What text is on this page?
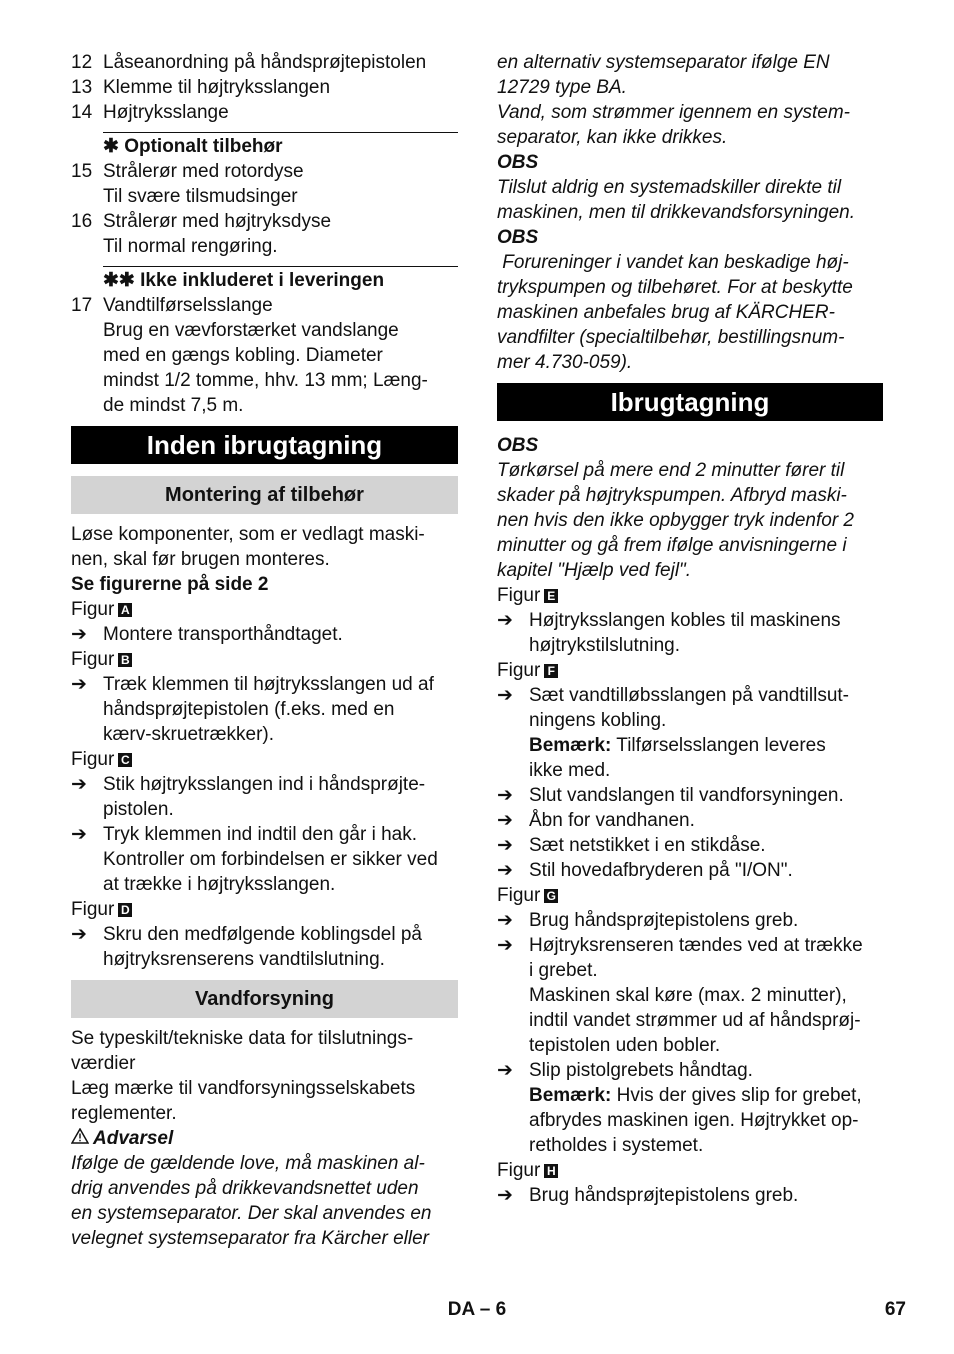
12 Låseanordning på håndsprøjtepistolen
13 Klemme til højtryksslangen
14 Højtryksslange
✱ Optionalt tilbehør
15 Strålerør med rotordyse
Til svære tilsmudsinger
16 Strålerør med højtryksdyse
Til normal rengøring.
✱✱ Ikke inkluderet i leveringen
17 Vandtilførselsslange
Brug en vævforstærket vandslange
med en gængs kobling. Diameter
mindst 1/2 tomme, hhv. 13 mm; Læng-
de mindst 7,5 m.
Inden ibrugtagning
Montering af tilbehør
Løse komponenter, som er vedlagt maski-
nen, skal før brugen monteres.
Se figurerne på side 2
Figur A
➔ Montere transporthåndtaget.
Figur B
➔ Træk klemmen til højtryksslangen ud af
håndsprøjtepistolen (f.eks. med en
kærv-skruetrækker).
Figur C
➔ Stik højtryksslangen ind i håndsprøjte-
pistolen.
➔ Tryk klemmen ind indtil den går i hak.
Kontroller om forbindelsen er sikker ved
at trække i højtryksslangen.
Figur D
➔ Skru den medfølgende koblingsdel på
højtryksrenserens vandtilslutning.
Vandforsyning
Se typeskilt/tekniske data for tilslutnings-
værdier
Læg mærke til vandforsyningsselskabets
reglementer.
Advarsel
Ifølge de gældende love, må maskinen al-
drig anvendes på drikkevandsnettet uden
en systemseparator. Der skal anvendes en
velegnet systemseparator fra Kärcher eller
en alternativ systemseparator ifølge EN
12729 type BA.
Vand, som strømmer igennem en system-
separator, kan ikke drikkes.
OBS
Tilslut aldrig en systemadskiller direkte til
maskinen, men til drikkevandsforsyningen.
OBS
Forureninger i vandet kan beskadige høj-
trykspumpen og tilbehøret. For at beskytte
maskinen anbefales brug af KÄRCHER-
vandfilter (specialtilbehør, bestillingsnum-
mer 4.730-059).
Ibrugtagning
OBS
Tørkørsel på mere end 2 minutter fører til
skader på højtrykspumpen. Afbryd maski-
nen hvis den ikke opbygger tryk indenfor 2
minutter og gå frem ifølge anvisningerne i
kapitel "Hjælp ved fejl".
Figur E
➔ Højtryksslangen kobles til maskinens
højtrykstilslutning.
Figur F
➔ Sæt vandtilløbsslangen på vandtillsut-
ningens kobling.
Bemærk: Tilførselsslangen leveres
ikke med.
➔ Slut vandslangen til vandforsyningen.
➔ Åbn for vandhanen.
➔ Sæt netstikket i en stikdåse.
➔ Stil hovedafbryderen på "I/ON".
Figur G
➔ Brug håndsprøjtepistolens greb.
➔ Højtryksrenseren tændes ved at trække
i grebet.
Maskinen skal køre (max. 2 minutter),
indtil vandet strømmer ud af håndsprøj-
tepistolen uden bobler.
➔ Slip pistolgrebets håndtag.
Bemærk: Hvis der gives slip for grebet,
afbrydes maskinen igen. Højtrykket op-
retholdes i systemet.
Figur H
➔ Brug håndsprøjtepistolens greb.
DA – 6	67
